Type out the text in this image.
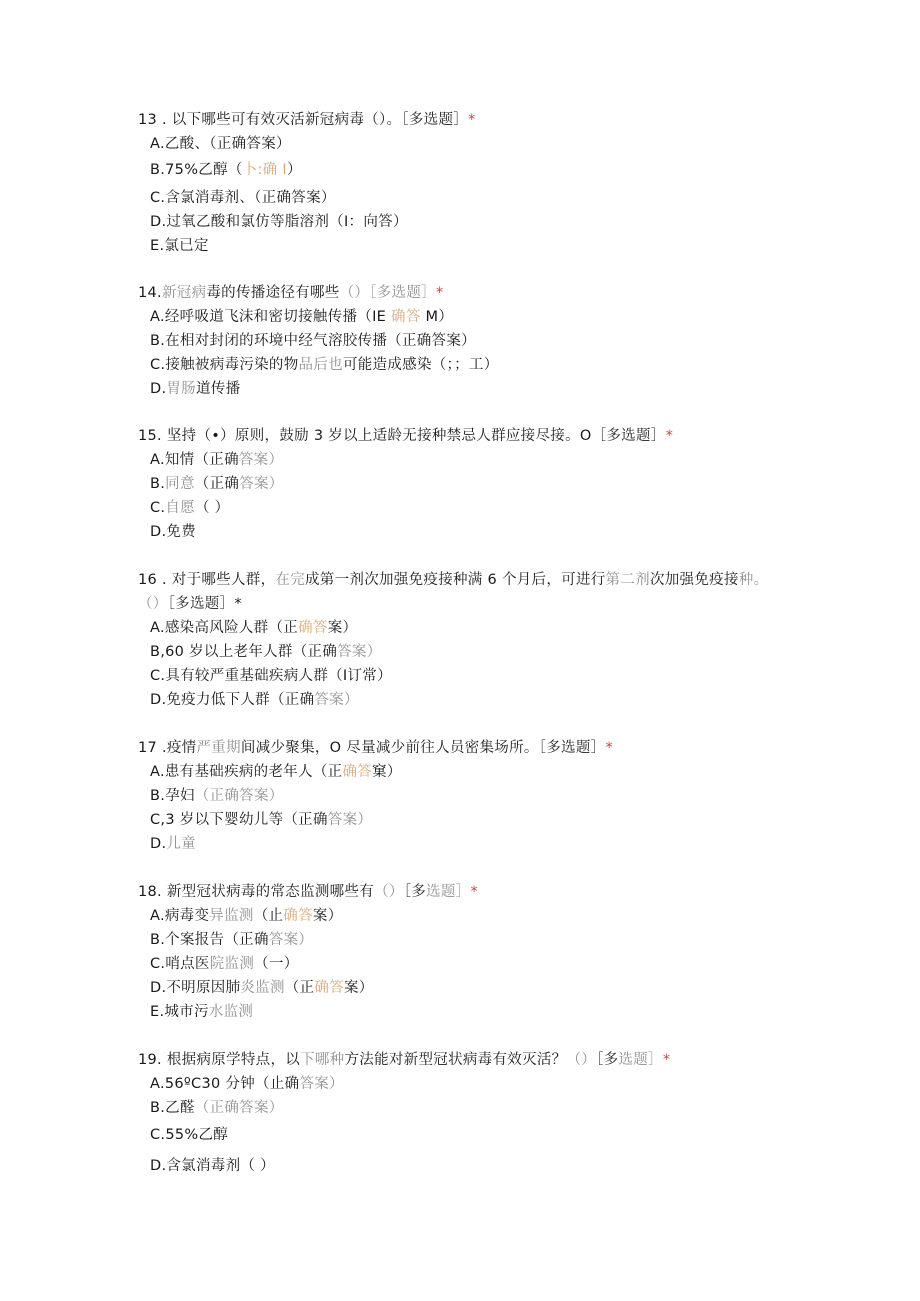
13 . 以下哪些可有效灭活新冠病毒（）。［多选题］*
A.乙酸、（正确答案）
B.75%乙醇（卜:确 I）
C.含氯消毒剂、（正确答案）
D.过氧乙酸和氯仿等脂溶剂（I：向答）
E.氯已定
14.新冠病毒的传播途径有哪些（）［多选题］*
A.经呼吸道飞沫和密切接触传播（IE 确答 M）
B.在相对封闭的环境中经气溶胶传播（正确答案）
C.接触被病毒污染的物品后也可能造成感染（；；工）
D.胃肠道传播
15. 坚持（•）原则，鼓励 3 岁以上适龄无接种禁忌人群应接尽接。O［多选题］*
A.知情（正确答案）
B.同意（正确答案）
C.自愿（ ）
D.免费
16 . 对于哪些人群，在完成第一剂次加强免疫接种满 6 个月后，可进行第二剂次加强免疫接种。（）［多选题］*
A.感染高风险人群（正确答案）
B,60 岁以上老年人群（正确答案）
C.具有较严重基础疾病人群（I订常）
D.免疫力低下人群（正确答案）
17 .疫情严重期间减少聚集，O 尽量减少前往人员密集场所。［多选题］*
A.患有基础疾病的老年人（正确答窠）
B.孕妇（正确答案）
C,3 岁以下婴幼儿等（正确答案）
D.儿童
18. 新型冠状病毒的常态监测哪些有（）［多选题］*
A.病毒变异监测（止确答案）
B.个案报告（正确答案）
C.哨点医院监测（一）
D.不明原因肺炎监测（正确答案）
E.城市污水监测
19. 根据病原学特点，以下哪种方法能对新型冠状病毒有效灭活？（）［多选题］*
A.56ºC30 分钟（止确答案）
B.乙醛（正确答案）
C.55%乙醇
D.含氯消毒剂（ ）
